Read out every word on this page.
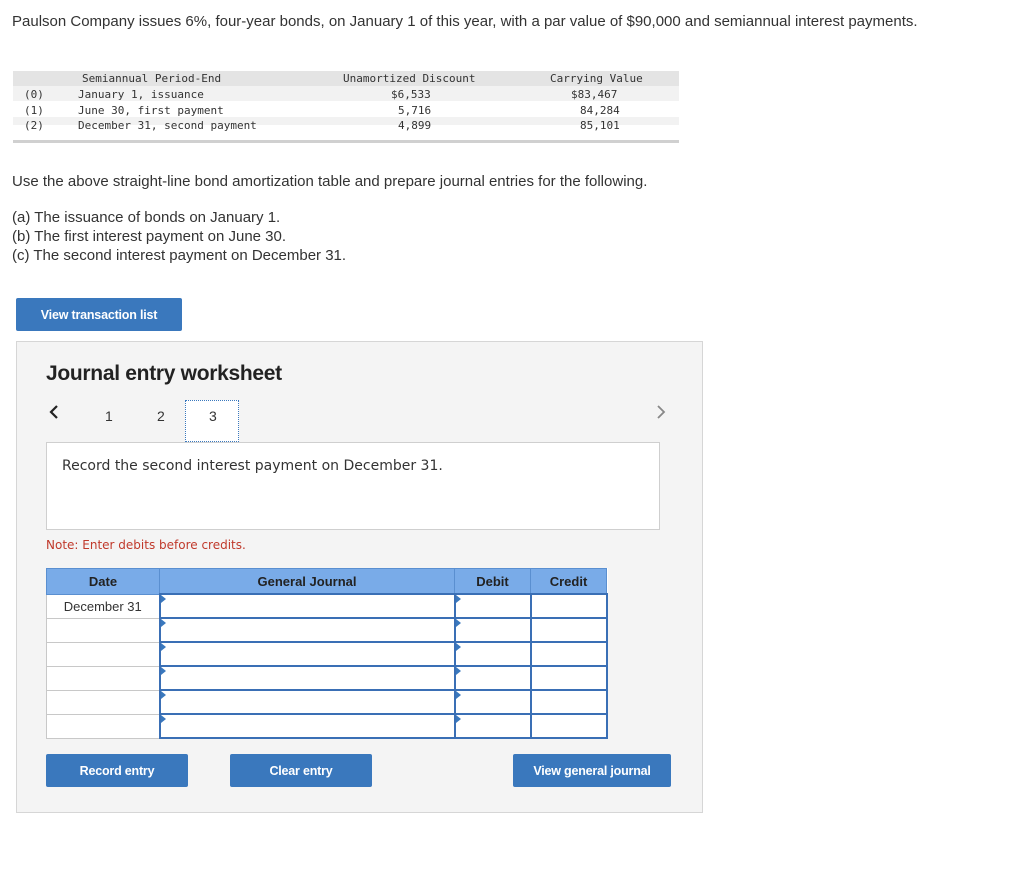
Paulson Company issues 6%, four-year bonds, on January 1 of this year, with a par value of $90,000 and semiannual interest payments.
Semiannual Period-End	Unamortized Discount	Carrying Value
(0)	January 1, issuance	$6,533	$83,467
(1)	June 30, first payment	5,716	84,284
(2)	December 31, second payment	4,899	85,101
Use the above straight-line bond amortization table and prepare journal entries for the following.
(a) The issuance of bonds on January 1.
(b) The first interest payment on June 30.
(c) The second interest payment on December 31.
View transaction list
Journal entry worksheet
1	2	3
Record the second interest payment on December 31.
Note: Enter debits before credits.
Date	General Journal	Debit	Credit
December 31	

Record entry	Clear entry	View general journal
